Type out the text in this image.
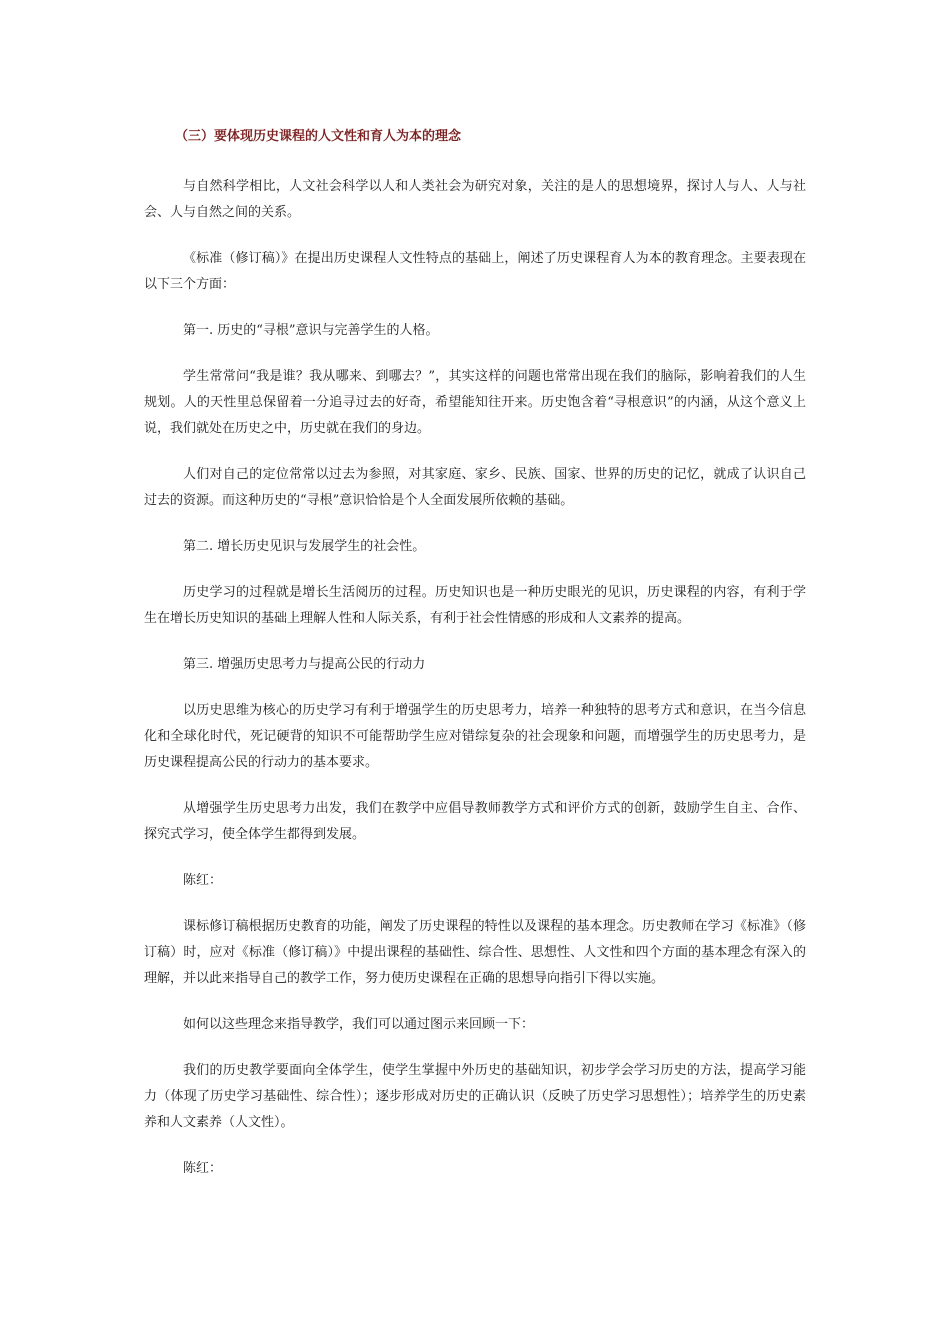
（三）要体现历史课程的人文性和育人为本的理念

与自然科学相比，人文社会科学以人和人类社会为研究对象，关注的是人的思想境界，探讨人与人、人与社会、人与自然之间的关系。

《标准（修订稿）》在提出历史课程人文性特点的基础上，阐述了历史课程育人为本的教育理念。主要表现在以下三个方面：

第一. 历史的“寻根”意识与完善学生的人格。

学生常常问“我是谁？我从哪来、到哪去？”，其实这样的问题也常常出现在我们的脑际，影响着我们的人生规划。人的天性里总保留着一分追寻过去的好奇，希望能知往开来。历史饱含着“寻根意识”的内涵，从这个意义上说，我们就处在历史之中，历史就在我们的身边。

人们对自己的定位常常以过去为参照，对其家庭、家乡、民族、国家、世界的历史的记忆，就成了认识自己过去的资源。而这种历史的“寻根”意识恰恰是个人全面发展所依赖的基础。

第二. 增长历史见识与发展学生的社会性。

历史学习的过程就是增长生活阅历的过程。历史知识也是一种历史眼光的见识，历史课程的内容，有利于学生在增长历史知识的基础上理解人性和人际关系，有利于社会性情感的形成和人文素养的提高。

第三. 增强历史思考力与提高公民的行动力

以历史思维为核心的历史学习有利于增强学生的历史思考力，培养一种独特的思考方式和意识，在当今信息化和全球化时代，死记硬背的知识不可能帮助学生应对错综复杂的社会现象和问题，而增强学生的历史思考力，是历史课程提高公民的行动力的基本要求。

从增强学生历史思考力出发，我们在教学中应倡导教师教学方式和评价方式的创新，鼓励学生自主、合作、探究式学习，使全体学生都得到发展。

陈红：

课标修订稿根据历史教育的功能，阐发了历史课程的特性以及课程的基本理念。历史教师在学习《标准》（修订稿）时，应对《标准（修订稿）》中提出课程的基础性、综合性、思想性、人文性和四个方面的基本理念有深入的理解，并以此来指导自己的教学工作，努力使历史课程在正确的思想导向指引下得以实施。

如何以这些理念来指导教学，我们可以通过图示来回顾一下：

我们的历史教学要面向全体学生，使学生掌握中外历史的基础知识，初步学会学习历史的方法，提高学习能力（体现了历史学习基础性、综合性）；逐步形成对历史的正确认识（反映了历史学习思想性）；培养学生的历史素养和人文素养（人文性）。

陈红：
